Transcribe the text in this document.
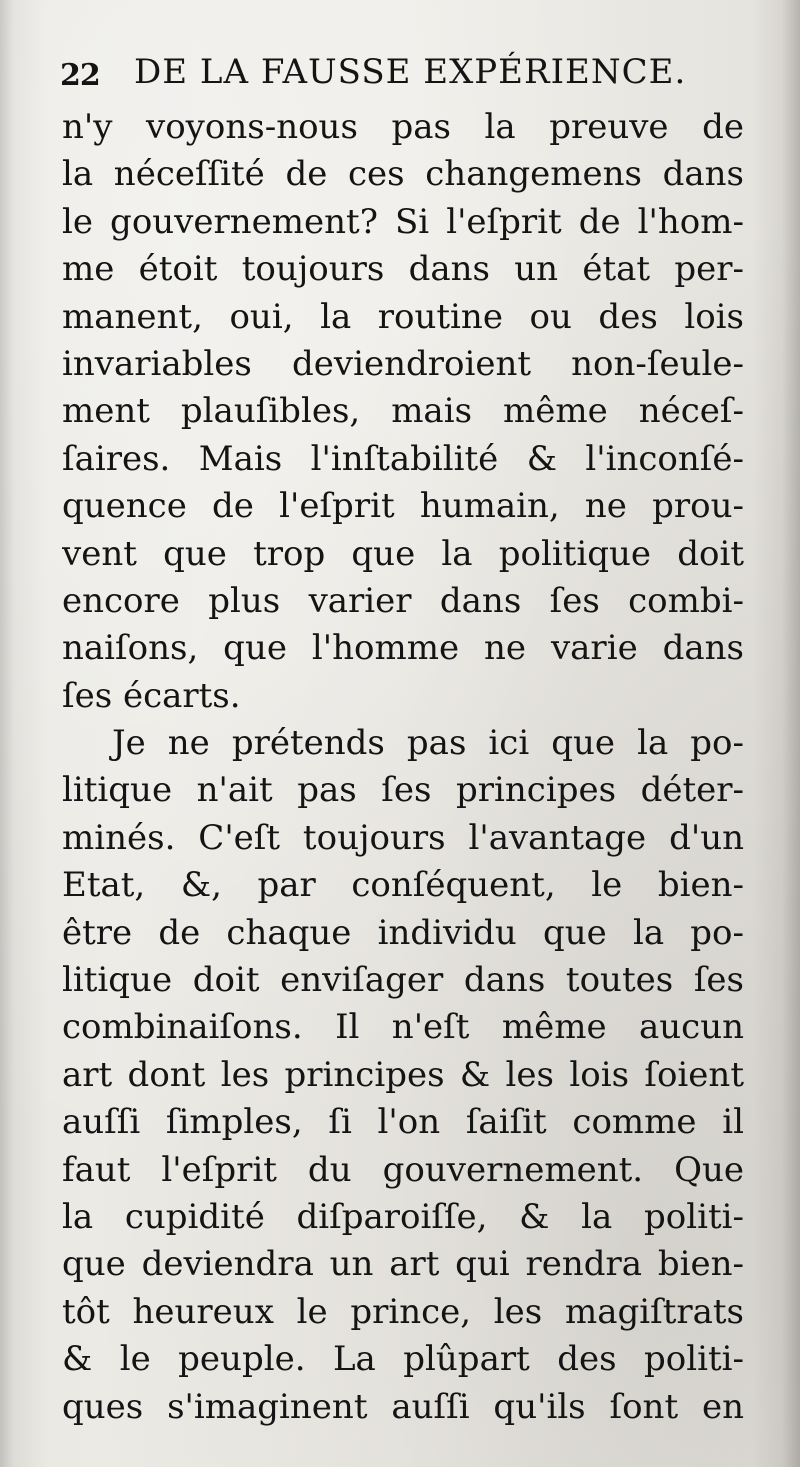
22 DE LA FAUSSE EXPÉRIENCE.
n'y voyons-nous pas la preuve de
la néceſſité de ces changemens dans
le gouvernement? Si l'eſprit de l'hom-
me étoit toujours dans un état per-
manent, oui, la routine ou des lois
invariables deviendroient non-ſeule-
ment plauſibles, mais même néceſ-
ſaires. Mais l'inſtabilité & l'inconſé-
quence de l'eſprit humain, ne prou-
vent que trop que la politique doit
encore plus varier dans ſes combi-
naiſons, que l'homme ne varie dans
ſes écarts.
Je ne prétends pas ici que la po-
litique n'ait pas ſes principes déter-
minés. C'eſt toujours l'avantage d'un
Etat, &, par conſéquent, le bien-
être de chaque individu que la po-
litique doit enviſager dans toutes ſes
combinaiſons. Il n'eſt même aucun
art dont les principes & les lois ſoient
auſſi ſimples, ſi l'on ſaiſit comme il
faut l'eſprit du gouvernement. Que
la cupidité diſparoiſſe, & la politi-
que deviendra un art qui rendra bien-
tôt heureux le prince, les magiſtrats
& le peuple. La plûpart des politi-
ques s'imaginent auſſi qu'ils ſont en
